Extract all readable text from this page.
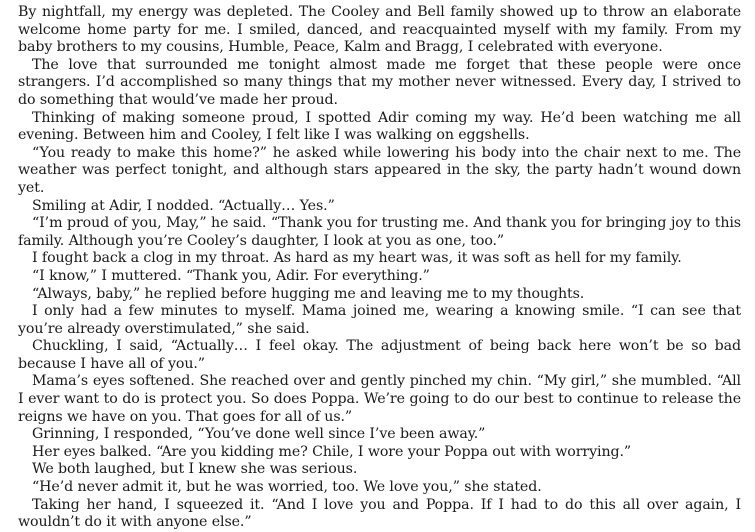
By nightfall, my energy was depleted. The Cooley and Bell family showed up to throw an elaborate welcome home party for me. I smiled, danced, and reacquainted myself with my family. From my baby brothers to my cousins, Humble, Peace, Kalm and Bragg, I celebrated with everyone.

The love that surrounded me tonight almost made me forget that these people were once strangers. I’d accomplished so many things that my mother never witnessed. Every day, I strived to do something that would’ve made her proud.

Thinking of making someone proud, I spotted Adir coming my way. He’d been watching me all evening. Between him and Cooley, I felt like I was walking on eggshells.

“You ready to make this home?” he asked while lowering his body into the chair next to me. The weather was perfect tonight, and although stars appeared in the sky, the party hadn’t wound down yet.

Smiling at Adir, I nodded. “Actually… Yes.”

“I’m proud of you, May,” he said. “Thank you for trusting me. And thank you for bringing joy to this family. Although you’re Cooley’s daughter, I look at you as one, too.”

I fought back a clog in my throat. As hard as my heart was, it was soft as hell for my family.

“I know,” I muttered. “Thank you, Adir. For everything.”

“Always, baby,” he replied before hugging me and leaving me to my thoughts.

I only had a few minutes to myself. Mama joined me, wearing a knowing smile. “I can see that you’re already overstimulated,” she said.

Chuckling, I said, “Actually… I feel okay. The adjustment of being back here won’t be so bad because I have all of you.”

Mama’s eyes softened. She reached over and gently pinched my chin. “My girl,” she mumbled. “All I ever want to do is protect you. So does Poppa. We’re going to do our best to continue to release the reigns we have on you. That goes for all of us.”

Grinning, I responded, “You’ve done well since I’ve been away.”

Her eyes balked. “Are you kidding me? Chile, I wore your Poppa out with worrying.”

We both laughed, but I knew she was serious.

“He’d never admit it, but he was worried, too. We love you,” she stated.

Taking her hand, I squeezed it. “And I love you and Poppa. If I had to do this all over again, I wouldn’t do it with anyone else.”
